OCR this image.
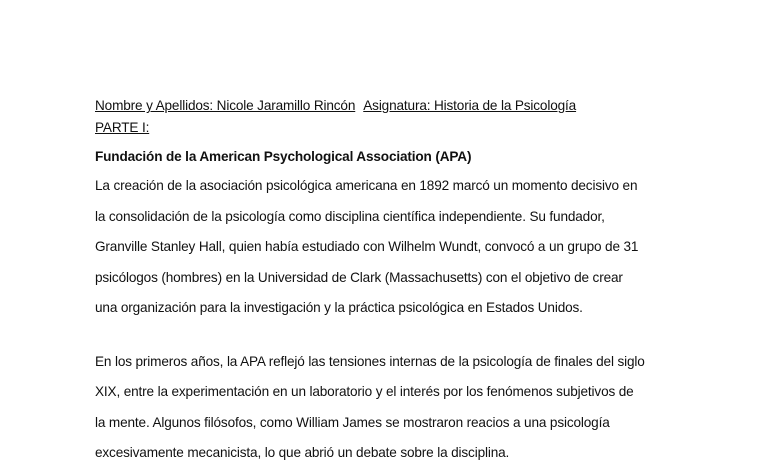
Nombre y Apellidos: Nicole Jaramillo Rincón Asignatura: Historia de la Psicología
PARTE I:
Fundación de la American Psychological Association (APA)
La creación de la asociación psicológica americana en 1892 marcó un momento decisivo en
la consolidación de la psicología como disciplina científica independiente. Su fundador,
Granville Stanley Hall, quien había estudiado con Wilhelm Wundt, convocó a un grupo de 31
psicólogos (hombres) en la Universidad de Clark (Massachusetts) con el objetivo de crear
una organización para la investigación y la práctica psicológica en Estados Unidos.
En los primeros años, la APA reflejó las tensiones internas de la psicología de finales del siglo
XIX, entre la experimentación en un laboratorio y el interés por los fenómenos subjetivos de
la mente. Algunos filósofos, como William James se mostraron reacios a una psicología
excesivamente mecanicista, lo que abrió un debate sobre la disciplina.
